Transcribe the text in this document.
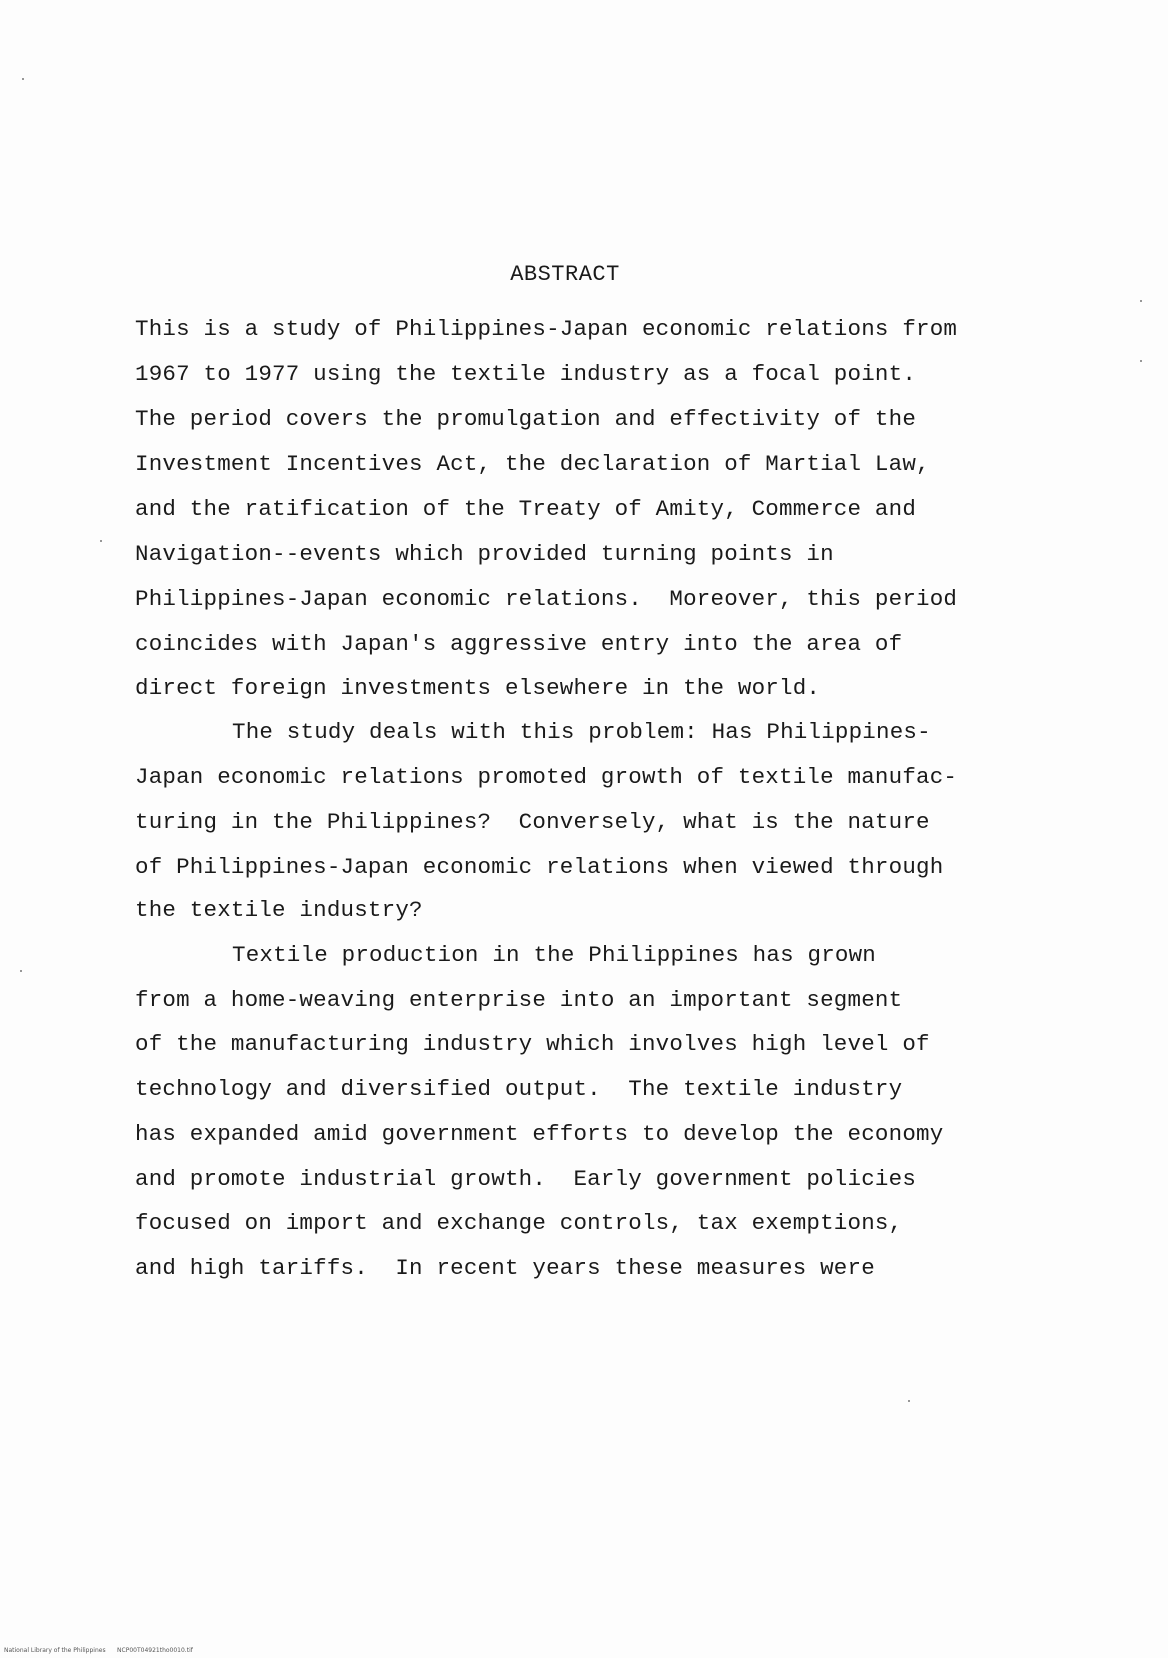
ABSTRACT
This is a study of Philippines-Japan economic relations from
1967 to 1977 using the textile industry as a focal point.
The period covers the promulgation and effectivity of the
Investment Incentives Act, the declaration of Martial Law,
and the ratification of the Treaty of Amity, Commerce and
Navigation--events which provided turning points in
Philippines-Japan economic relations.  Moreover, this period
coincides with Japan's aggressive entry into the area of
direct foreign investments elsewhere in the world.
The study deals with this problem: Has Philippines-
Japan economic relations promoted growth of textile manufac-
turing in the Philippines?  Conversely, what is the nature
of Philippines-Japan economic relations when viewed through
the textile industry?
Textile production in the Philippines has grown
from a home-weaving enterprise into an important segment
of the manufacturing industry which involves high level of
technology and diversified output.  The textile industry
has expanded amid government efforts to develop the economy
and promote industrial growth.  Early government policies
focused on import and exchange controls, tax exemptions,
and high tariffs.  In recent years these measures were
National Library of the Philippines NCP00T04921tho0010.tif
